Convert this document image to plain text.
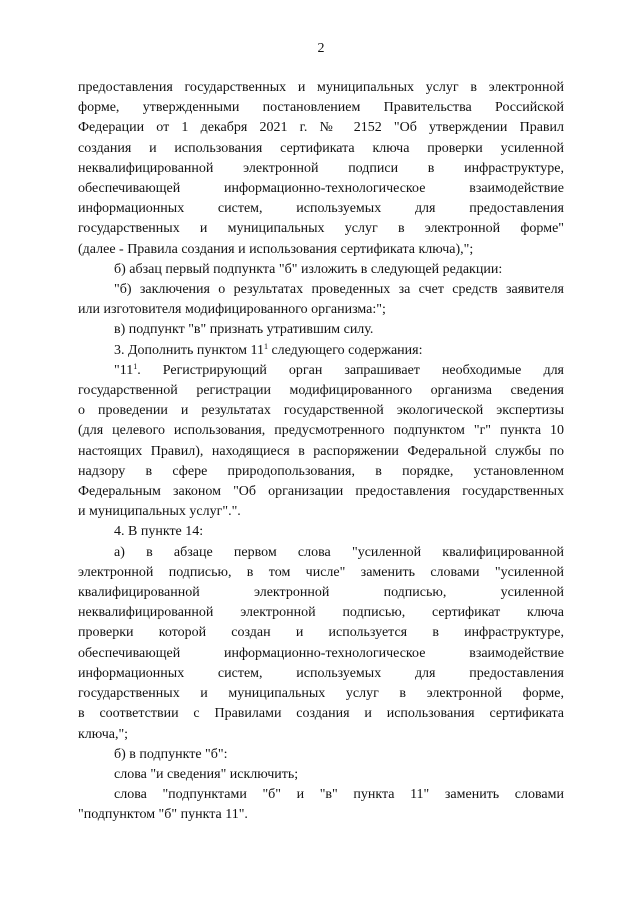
2
предоставления государственных и муниципальных услуг в электронной
форме, утвержденными постановлением Правительства Российской
Федерации от 1 декабря 2021 г. № 2152 "Об утверждении Правил
создания и использования сертификата ключа проверки усиленной
неквалифицированной электронной подписи в инфраструктуре,
обеспечивающей информационно-технологическое взаимодействие
информационных систем, используемых для предоставления
государственных и муниципальных услуг в электронной форме"
(далее - Правила создания и использования сертификата ключа),";
б) абзац первый подпункта "б" изложить в следующей редакции:
"б) заключения о результатах проведенных за счет средств заявителя
или изготовителя модифицированного организма:";
в) подпункт "в" признать утратившим силу.
3. Дополнить пунктом $11^1$ следующего содержания:
"$11^1$. Регистрирующий орган запрашивает необходимые для
государственной регистрации модифицированного организма сведения
о проведении и результатах государственной экологической экспертизы
(для целевого использования, предусмотренного подпунктом "г" пункта 10
настоящих Правил), находящиеся в распоряжении Федеральной службы по
надзору в сфере природопользования, в порядке, установленном
Федеральным законом "Об организации предоставления государственных
и муниципальных услуг".".
4. В пункте 14:
а) в абзаце первом слова "усиленной квалифицированной
электронной подписью, в том числе" заменить словами "усиленной
квалифицированной электронной подписью, усиленной
неквалифицированной электронной подписью, сертификат ключа
проверки которой создан и используется в инфраструктуре,
обеспечивающей информационно-технологическое взаимодействие
информационных систем, используемых для предоставления
государственных и муниципальных услуг в электронной форме,
в соответствии с Правилами создания и использования сертификата
ключа,";
б) в подпункте "б":
слова "и сведения" исключить;
слова "подпунктами "б" и "в" пункта 11" заменить словами
"подпунктом "б" пункта 11".
